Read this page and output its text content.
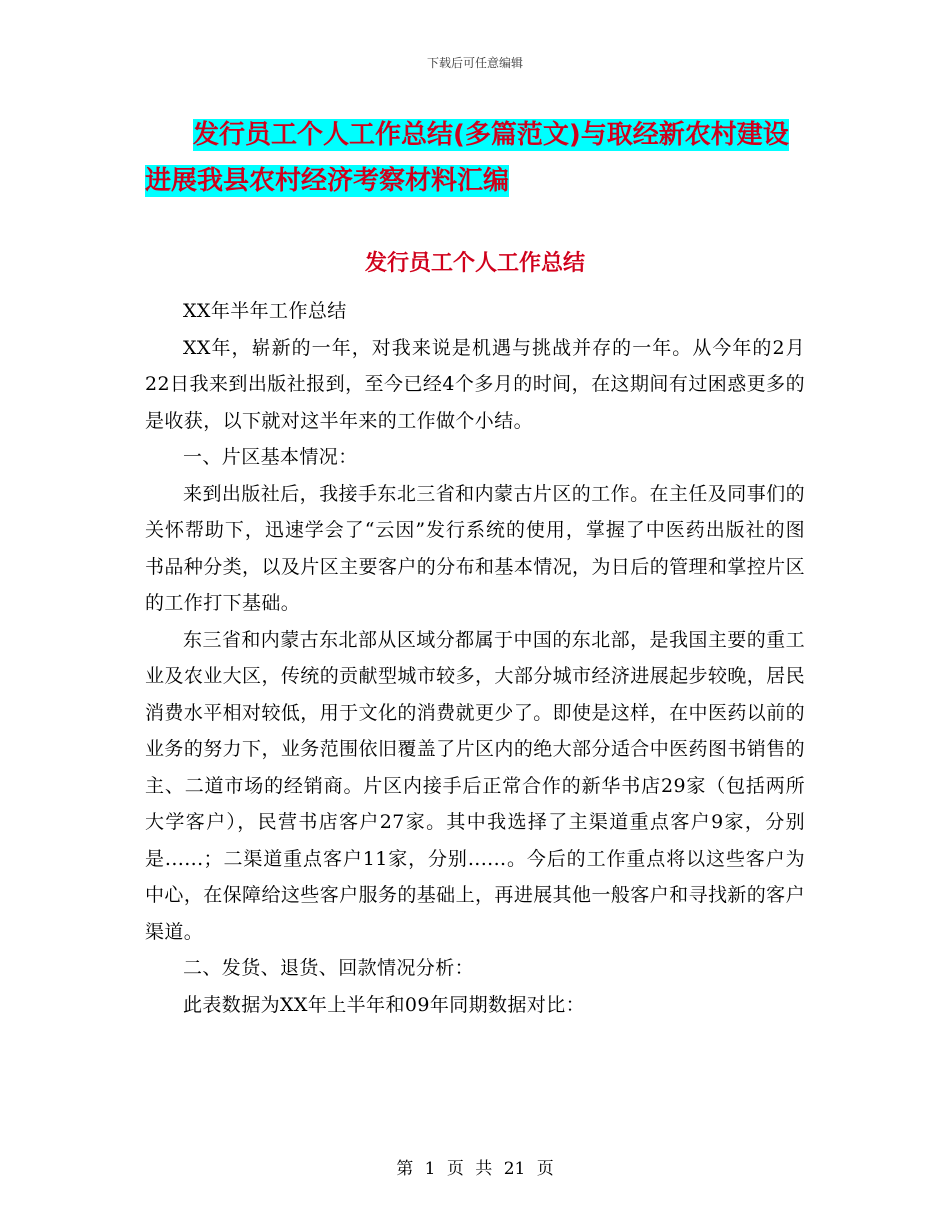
下载后可任意编辑
发行员工个人工作总结(多篇范文)与取经新农村建设
进展我县农村经济考察材料汇编
发行员工个人工作总结

XX年半年工作总结

XX年，崭新的一年，对我来说是机遇与挑战并存的一年。从今年的2月22日我来到出版社报到，至今已经4个多月的时间，在这期间有过困惑更多的是收获，以下就对这半年来的工作做个小结。

一、片区基本情况：

来到出版社后，我接手东北三省和内蒙古片区的工作。在主任及同事们的关怀帮助下，迅速学会了“云因”发行系统的使用，掌握了中医药出版社的图书品种分类，以及片区主要客户的分布和基本情况，为日后的管理和掌控片区的工作打下基础。

东三省和内蒙古东北部从区域分都属于中国的东北部，是我国主要的重工业及农业大区，传统的贡献型城市较多，大部分城市经济进展起步较晚，居民消费水平相对较低，用于文化的消费就更少了。即使是这样，在中医药以前的业务的努力下，业务范围依旧覆盖了片区内的绝大部分适合中医药图书销售的主、二道市场的经销商。片区内接手后正常合作的新华书店29家（包括两所大学客户），民营书店客户27家。其中我选择了主渠道重点客户9家，分别是......；二渠道重点客户11家，分别......。今后的工作重点将以这些客户为中心，在保障给这些客户服务的基础上，再进展其他一般客户和寻找新的客户渠道。

二、发货、退货、回款情况分析：

此表数据为XX年上半年和09年同期数据对比：

第 1 页 共 21 页
